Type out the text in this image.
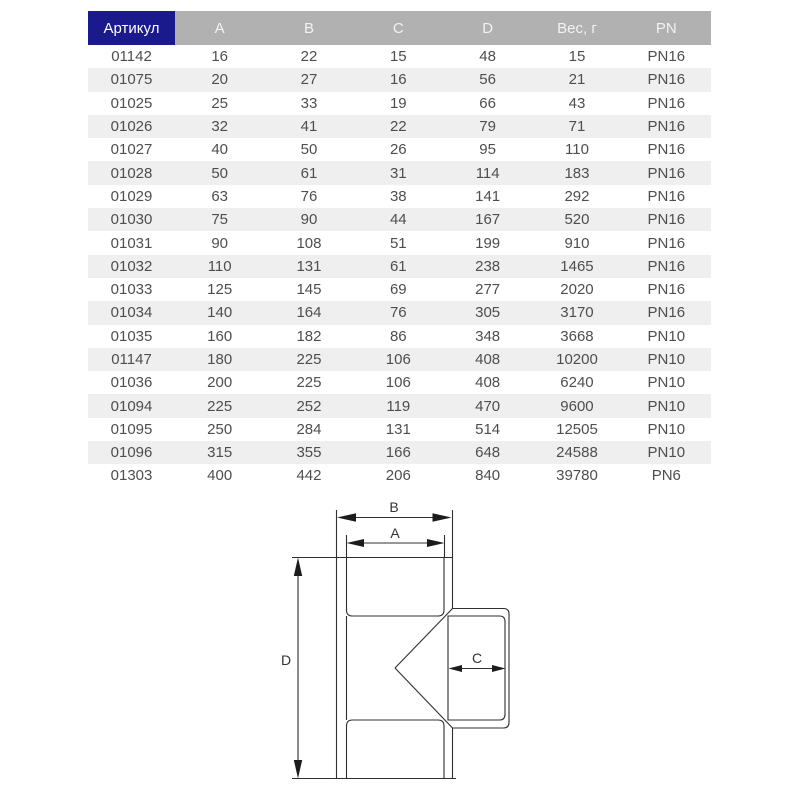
Артикул	A	B	C	D	Вес, г	PN
01142	16	22	15	48	15	PN16
01075	20	27	16	56	21	PN16
01025	25	33	19	66	43	PN16
01026	32	41	22	79	71	PN16
01027	40	50	26	95	110	PN16
01028	50	61	31	114	183	PN16
01029	63	76	38	141	292	PN16
01030	75	90	44	167	520	PN16
01031	90	108	51	199	910	PN16
01032	110	131	61	238	1465	PN16
01033	125	145	69	277	2020	PN16
01034	140	164	76	305	3170	PN16
01035	160	182	86	348	3668	PN10
01147	180	225	106	408	10200	PN10
01036	200	225	106	408	6240	PN10
01094	225	252	119	470	9600	PN10
01095	250	284	131	514	12505	PN10
01096	315	355	166	648	24588	PN10
01303	400	442	206	840	39780	PN6
B
A
D	C
